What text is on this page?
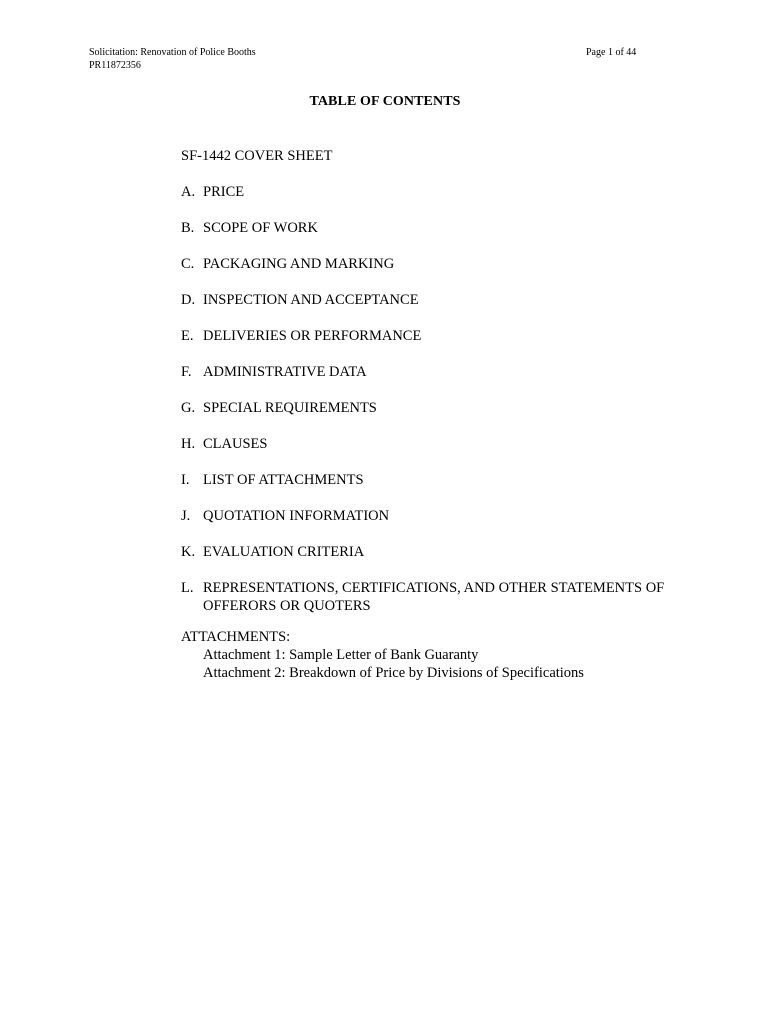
Solicitation: Renovation of Police Booths
PR11872356
Page 1 of 44
TABLE OF CONTENTS
SF-1442 COVER SHEET
A. PRICE
B. SCOPE OF WORK
C. PACKAGING AND MARKING
D. INSPECTION AND ACCEPTANCE
E. DELIVERIES OR PERFORMANCE
F. ADMINISTRATIVE DATA
G. SPECIAL REQUIREMENTS
H. CLAUSES
I. LIST OF ATTACHMENTS
J. QUOTATION INFORMATION
K. EVALUATION CRITERIA
L. REPRESENTATIONS, CERTIFICATIONS, AND OTHER STATEMENTS OF OFFERORS OR QUOTERS
ATTACHMENTS:
Attachment 1: Sample Letter of Bank Guaranty
Attachment 2: Breakdown of Price by Divisions of Specifications
